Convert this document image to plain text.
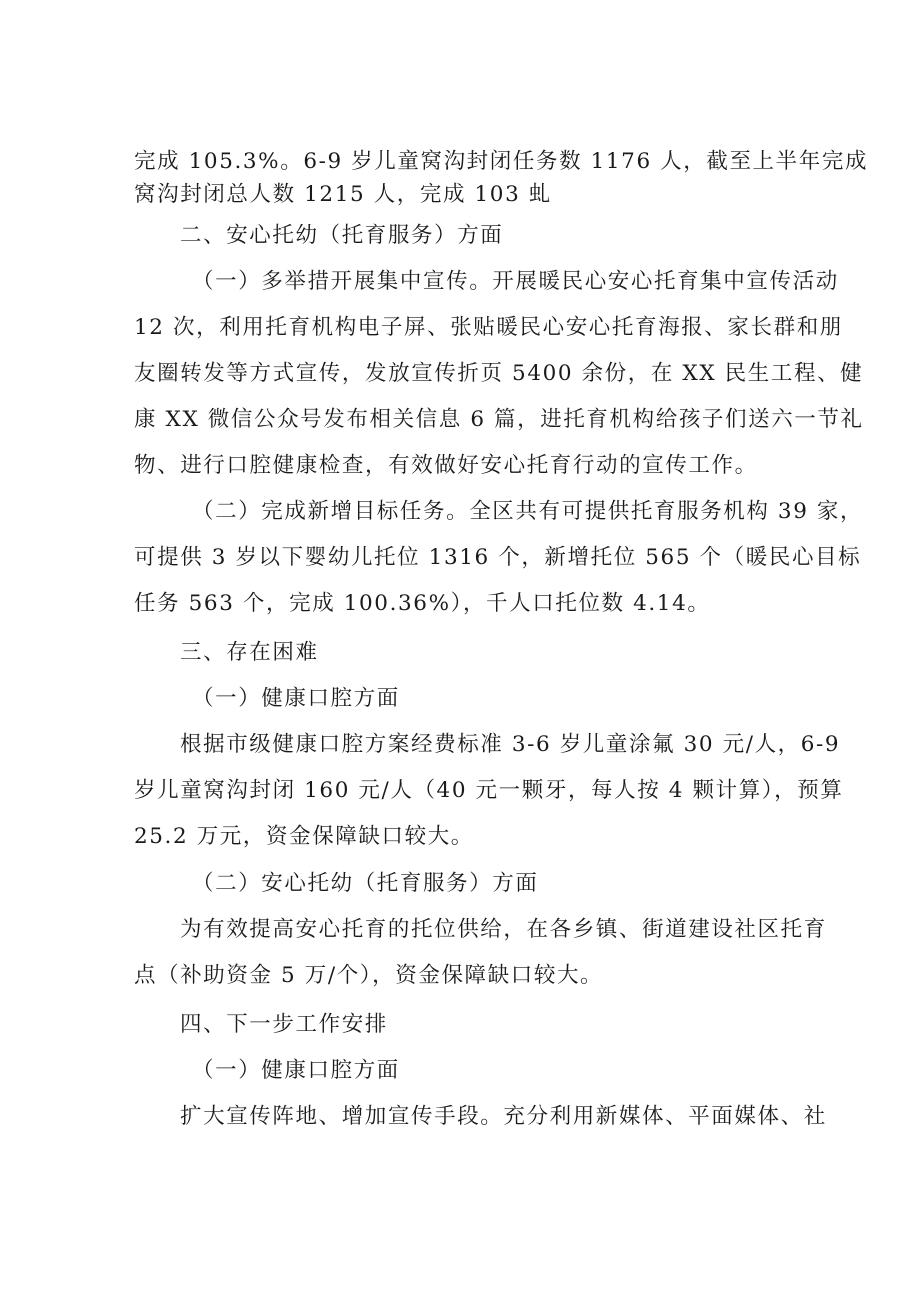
完成 105.3%。6-9 岁儿童窝沟封闭任务数 1176 人，截至上半年完成
窝沟封闭总人数 1215 人，完成 103 虬
二、安心托幼（托育服务）方面
（一）多举措开展集中宣传。开展暖民心安心托育集中宣传活动
12 次，利用托育机构电子屏、张贴暖民心安心托育海报、家长群和朋
友圈转发等方式宣传，发放宣传折页 5400 余份，在 XX 民生工程、健
康 XX 微信公众号发布相关信息 6 篇，进托育机构给孩子们送六一节礼
物、进行口腔健康检查，有效做好安心托育行动的宣传工作。
（二）完成新增目标任务。全区共有可提供托育服务机构 39 家，
可提供 3 岁以下婴幼儿托位 1316 个，新增托位 565 个（暖民心目标
任务 563 个，完成 100.36%），千人口托位数 4.14。
三、存在困难
（一）健康口腔方面
根据市级健康口腔方案经费标准 3-6 岁儿童涂氟 30 元/人，6-9
岁儿童窝沟封闭 160 元/人（40 元一颗牙，每人按 4 颗计算），预算
25.2 万元，资金保障缺口较大。
（二）安心托幼（托育服务）方面
为有效提高安心托育的托位供给，在各乡镇、街道建设社区托育
点（补助资金 5 万/个），资金保障缺口较大。
四、下一步工作安排
（一）健康口腔方面
扩大宣传阵地、增加宣传手段。充分利用新媒体、平面媒体、社
